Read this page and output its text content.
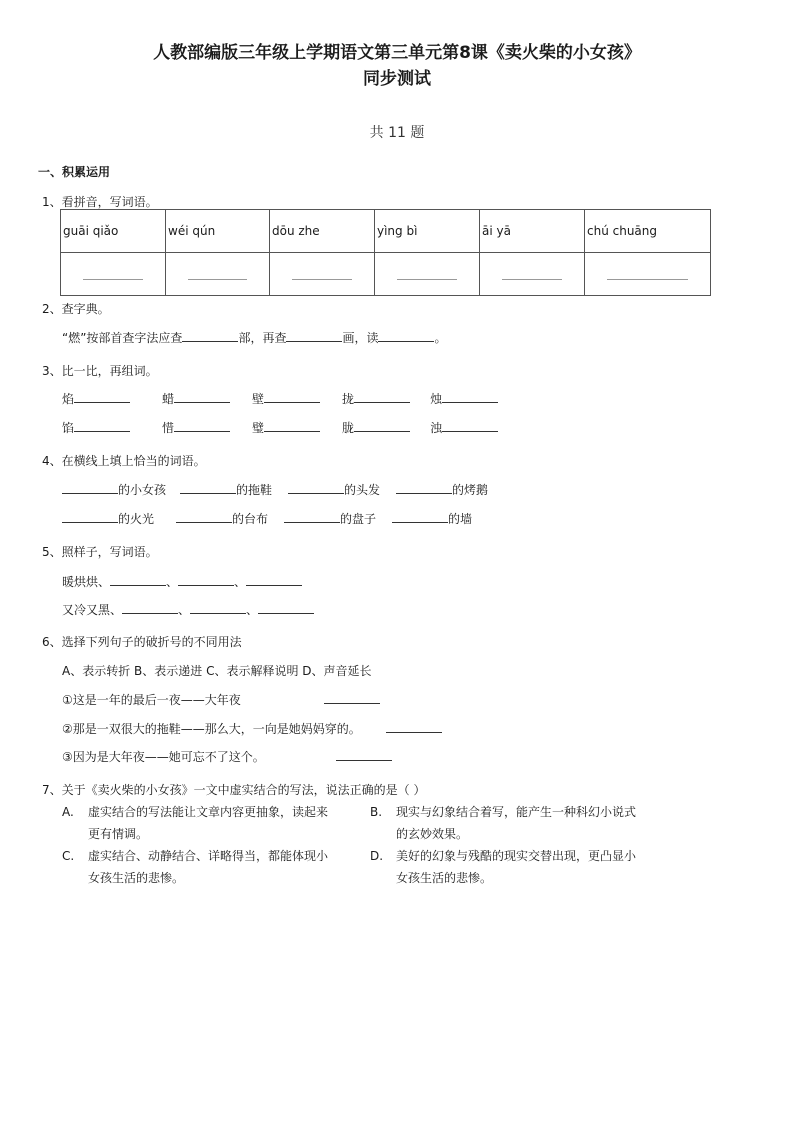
人教部编版三年级上学期语文第三单元第8课《卖火柴的小女孩》
同步测试
共 11 题
一、积累运用
1、看拼音，写词语。
guāi qiǎo	wéi qún	dōu zhe	yìng bì	āi yā	chú chuāng

2、查字典。
“燃”按部首查字法应查	部，再查	画，读	。
3、比一比，再组词。
焰	蜡	壁	拢	烛
馅	惜	璧	胧	浊
4、在横线上填上恰当的词语。
的小女孩	的拖鞋	的头发	的烤鹅
的火光	的台布	的盘子	的墙
5、照样子，写词语。
暖烘烘、	、	、
又冷又黑、	、	、
6、选择下列句子的破折号的不同用法
A、表示转折 B、表示递进 C、表示解释说明 D、声音延长
①这是一年的最后一夜——大年夜
②那是一双很大的拖鞋——那么大，一向是她妈妈穿的。
③因为是大年夜——她可忘不了这个。
7、关于《卖火柴的小女孩》一文中虚实结合的写法，说法正确的是（ ）
A. 虚实结合的写法能让文章内容更抽象，读起来
更有情调。
B. 现实与幻象结合着写，能产生一种科幻小说式
的玄妙效果。
C. 虚实结合、动静结合、详略得当，都能体现小
女孩生活的悲惨。
D. 美好的幻象与残酷的现实交替出现，更凸显小
女孩生活的悲惨。
